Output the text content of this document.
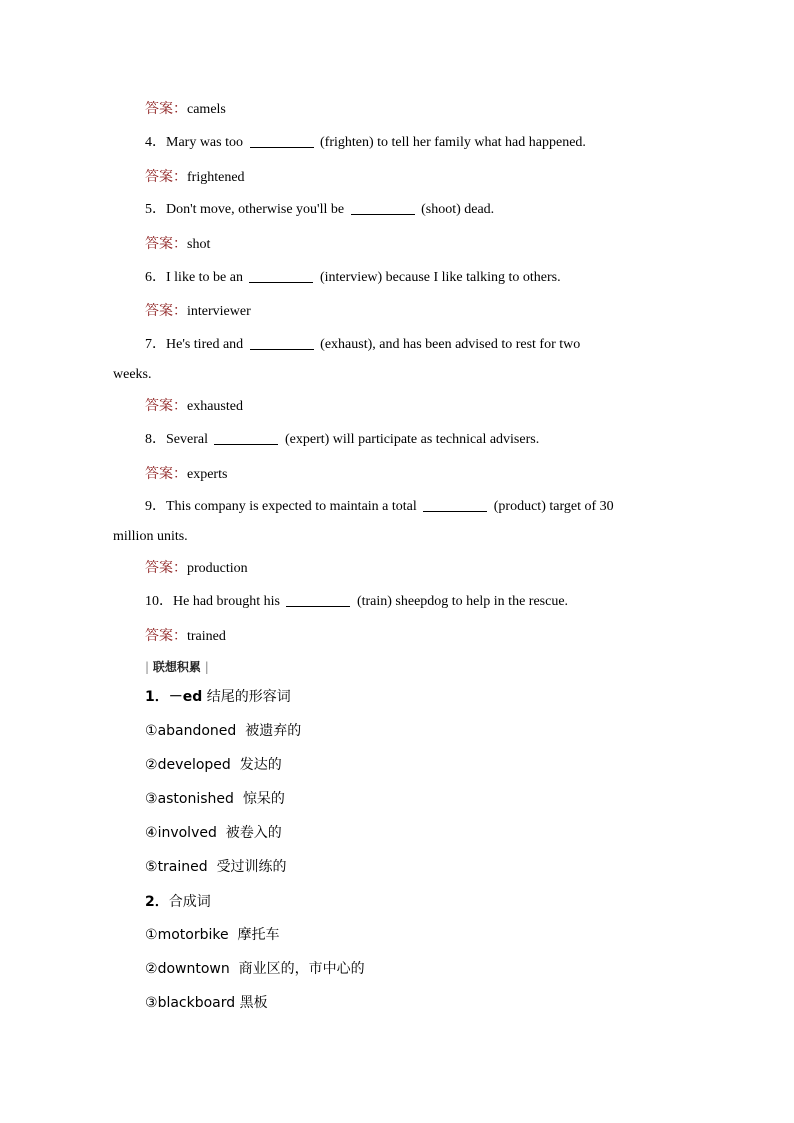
答案：camels
4．Mary was too	(frighten) to tell her family what had happened.
答案：frightened
5．Don't move, otherwise you'll be	(shoot) dead.
答案：shot
6．I like to be an	(interview) because I like talking to others.
答案：interviewer
7．He's tired and	(exhaust), and has been advised to rest for two
weeks.
答案：exhausted
8．Several	(expert) will participate as technical advisers.
答案：experts
9．This company is expected to maintain a total	(product) target of 30
million units.
答案：production
10．He had brought his	(train) sheepdog to help in the rescue.
答案：trained
| 联想积累 |
1．－ed 结尾的形容词
①abandoned 被遗弃的
②developed 发达的
③astonished 惊呆的
④involved 被卷入的
⑤trained 受过训练的
2．合成词
①motorbike 摩托车
②downtown 商业区的，市中心的
③blackboard 黑板
